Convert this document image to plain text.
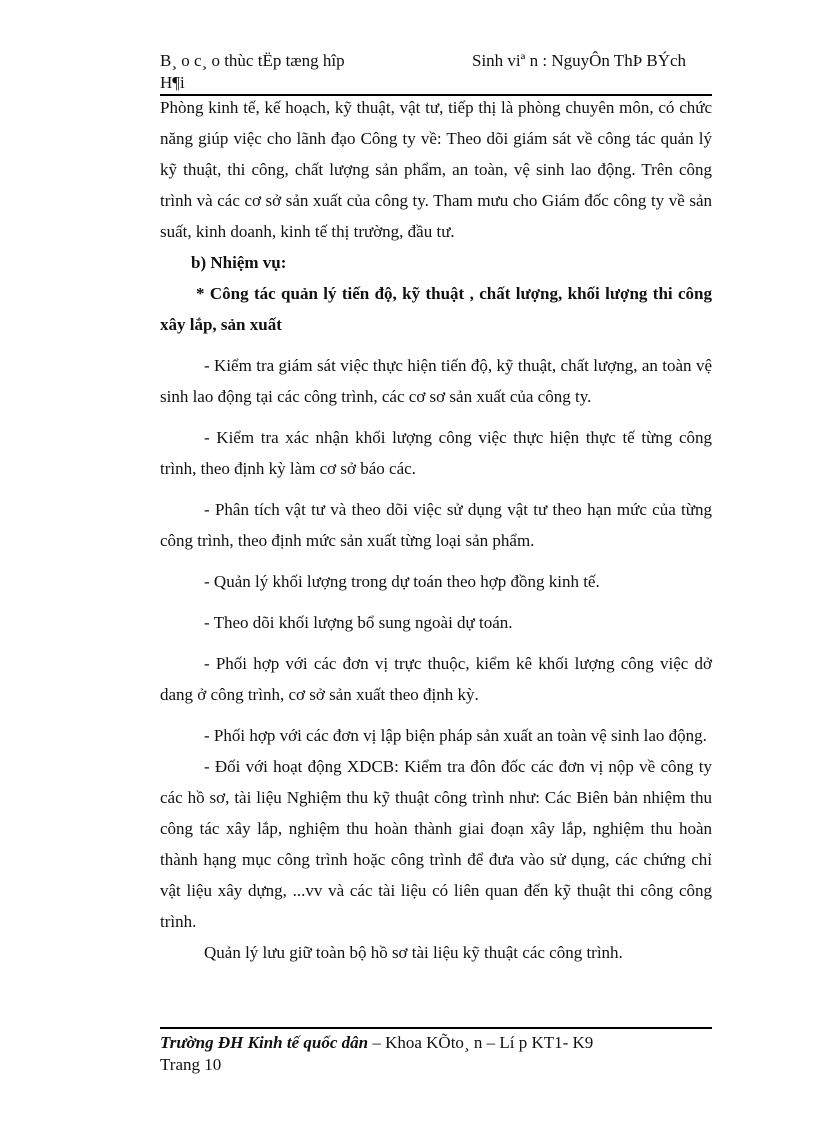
B¸ o c¸ o thùc tËp tæng hîp	Sinh viª n : NguyÔn ThÞ BÝch
H¶i

Phòng kinh tế, kế hoạch, kỹ thuật, vật tư, tiếp thị là phòng chuyên môn, có chức năng giúp việc cho lãnh đạo Công ty về: Theo dõi giám sát về công tác quản lý kỹ thuật, thi công, chất lượng sản phẩm, an toàn, vệ sinh lao động. Trên công trình và các cơ sở sản xuất của công ty. Tham mưu cho Giám đốc công ty về sản suất, kinh doanh, kinh tế thị trường, đầu tư.

b) Nhiệm vụ:

* Công tác quản lý tiến độ, kỹ thuật , chất lượng, khối lượng thi công xây lắp, sản xuất

- Kiểm tra giám sát việc thực hiện tiến độ, kỹ thuật, chất lượng, an toàn vệ sinh lao động tại các công trình, các cơ sơ sản xuất của công ty.

- Kiểm tra xác nhận khối lượng công việc thực hiện thực tế từng công trình, theo định kỳ làm cơ sở báo các.

- Phân tích vật tư và theo dõi việc sử dụng vật tư theo hạn mức của từng công trình, theo định mức sản xuất từng loại sản phẩm.

- Quản lý khối lượng trong dự toán theo hợp đồng kinh tế.

- Theo dõi khối lượng bổ sung ngoài dự toán.

- Phối hợp với các đơn vị trực thuộc, kiểm kê khối lượng công việc dở dang ở công trình, cơ sở sản xuất theo định kỳ.

- Phối hợp với các đơn vị lập biện pháp sản xuất an toàn vệ sinh lao động.

- Đối với hoạt động XDCB: Kiểm tra đôn đốc các đơn vị nộp về công ty các hồ sơ, tài liệu Nghiệm thu kỹ thuật công trình như: Các Biên bản nhiệm thu công tác xây lắp, nghiệm thu hoàn thành giai đoạn xây lắp, nghiệm thu hoàn thành hạng mục công trình hoặc công trình để đưa vào sử dụng, các chứng chỉ vật liệu xây dựng, ...vv và các tài liệu có liên quan đến kỹ thuật thi công công trình.

Quản lý lưu giữ toàn bộ hồ sơ tài liệu kỹ thuật các công trình.

Trường ĐH Kinh tế quốc dân – Khoa KÕto¸ n – Lí p KT1- K9
Trang 10
